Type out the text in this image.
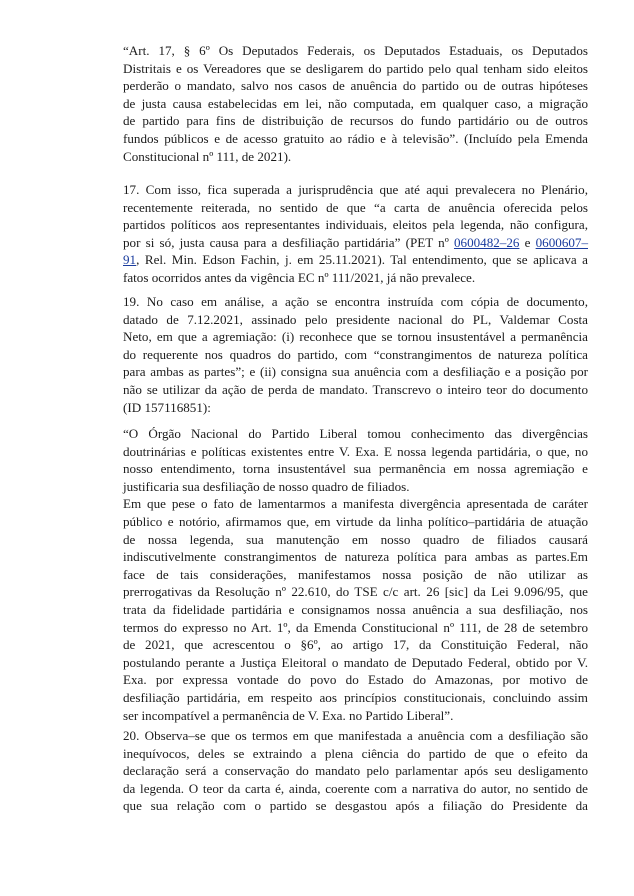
“Art. 17, § 6º Os Deputados Federais, os Deputados Estaduais, os Deputados
Distritais e os Vereadores que se desligarem do partido pelo qual tenham sido eleitos
perderão o mandato, salvo nos casos de anuência do partido ou de outras hipóteses
de justa causa estabelecidas em lei, não computada, em qualquer caso, a migração
de partido para fins de distribuição de recursos do fundo partidário ou de outros
fundos públicos e de acesso gratuito ao rádio e à televisão”. (Incluído pela Emenda
Constitucional nº 111, de 2021).
17. Com isso, fica superada a jurisprudência que até aqui prevalecera no Plenário,
recentemente reiterada, no sentido de que “a carta de anuência oferecida pelos
partidos políticos aos representantes individuais, eleitos pela legenda, não configura,
por si só, justa causa para a desfiliação partidária” (PET nº 0600482–26 e 0600607–
91, Rel. Min. Edson Fachin, j. em 25.11.2021). Tal entendimento, que se aplicava a
fatos ocorridos antes da vigência EC nº 111/2021, já não prevalece.
19. No caso em análise, a ação se encontra instruída com cópia de documento,
datado de 7.12.2021, assinado pelo presidente nacional do PL, Valdemar Costa
Neto, em que a agremiação: (i) reconhece que se tornou insustentável a permanência
do requerente nos quadros do partido, com “constrangimentos de natureza política
para ambas as partes”; e (ii) consigna sua anuência com a desfiliação e a posição por
não se utilizar da ação de perda de mandato. Transcrevo o inteiro teor do documento
(ID 157116851):
“O Órgão Nacional do Partido Liberal tomou conhecimento das divergências
doutrinárias e políticas existentes entre V. Exa. E nossa legenda partidária, o que, no
nosso entendimento, torna insustentável sua permanência em nossa agremiação e
justificaria sua desfiliação de nosso quadro de filiados.
Em que pese o fato de lamentarmos a manifesta divergência apresentada de caráter
público e notório, afirmamos que, em virtude da linha político–partidária de atuação
de nossa legenda, sua manutenção em nosso quadro de filiados causará
indiscutivelmente constrangimentos de natureza política para ambas as partes.Em
face de tais considerações, manifestamos nossa posição de não utilizar as
prerrogativas da Resolução nº 22.610, do TSE c/c art. 26 [sic] da Lei 9.096/95, que
trata da fidelidade partidária e consignamos nossa anuência a sua desfiliação, nos
termos do expresso no Art. 1º, da Emenda Constitucional nº 111, de 28 de setembro
de 2021, que acrescentou o §6º, ao artigo 17, da Constituição Federal, não
postulando perante a Justiça Eleitoral o mandato de Deputado Federal, obtido por V.
Exa. por expressa vontade do povo do Estado do Amazonas, por motivo de
desfiliação partidária, em respeito aos princípios constitucionais, concluindo assim
ser incompatível a permanência de V. Exa. no Partido Liberal”.
20. Observa–se que os termos em que manifestada a anuência com a desfiliação são
inequívocos, deles se extraindo a plena ciência do partido de que o efeito da
declaração será a conservação do mandato pelo parlamentar após seu desligamento
da legenda. O teor da carta é, ainda, coerente com a narrativa do autor, no sentido de
que sua relação com o partido se desgastou após a filiação do Presidente da
